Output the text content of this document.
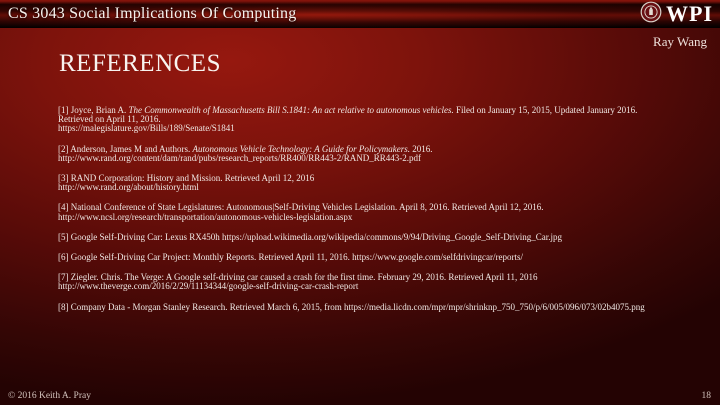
CS 3043 Social Implications Of Computing	WPI
Ray Wang
REFERENCES

[1] Joyce, Brian A. The Commonwealth of Massachusetts Bill S.1841: An act relative to autonomous vehicles. Filed on January 15, 2015, Updated January 2016. Retrieved on April 11, 2016.
https://malegislature.gov/Bills/189/Senate/S1841

[2] Anderson, James M and Authors. Autonomous Vehicle Technology: A Guide for Policymakers. 2016.
http://www.rand.org/content/dam/rand/pubs/research_reports/RR400/RR443-2/RAND_RR443-2.pdf

[3] RAND Corporation: History and Mission. Retrieved April 12, 2016
http://www.rand.org/about/history.html

[4] National Conference of State Legislatures: Autonomous|Self-Driving Vehicles Legislation. April 8, 2016. Retrieved April 12, 2016.
http://www.ncsl.org/research/transportation/autonomous-vehicles-legislation.aspx

[5] Google Self-Driving Car: Lexus RX450h https://upload.wikimedia.org/wikipedia/commons/9/94/Driving_Google_Self-Driving_Car.jpg

[6] Google Self-Driving Car Project: Monthly Reports. Retrieved April 11, 2016. https://www.google.com/selfdrivingcar/reports/

[7] Ziegler. Chris. The Verge: A Google self-driving car caused a crash for the first time. February 29, 2016. Retrieved April 11, 2016
http://www.theverge.com/2016/2/29/11134344/google-self-driving-car-crash-report

[8] Company Data - Morgan Stanley Research. Retrieved March 6, 2015, from https://media.licdn.com/mpr/mpr/shrinknp_750_750/p/6/005/096/073/02b4075.png

© 2016 Keith A. Pray	18
